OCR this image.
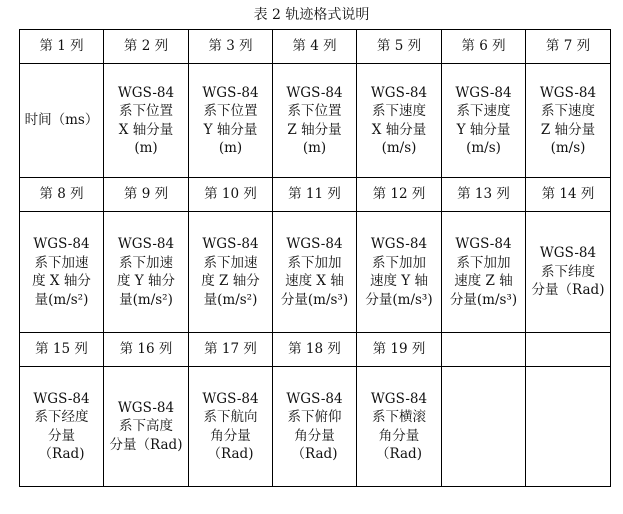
表 2 轨迹格式说明
第 1 列	第 2 列	第 3 列	第 4 列	第 5 列	第 6 列	第 7 列
时间（ms）	WGS-84
系下位置
X 轴分量
(m)	WGS-84
系下位置
Y 轴分量
(m)	WGS-84
系下位置
Z 轴分量
(m)	WGS-84
系下速度
X 轴分量
(m/s)	WGS-84
系下速度
Y 轴分量
(m/s)	WGS-84
系下速度
Z 轴分量
(m/s)
第 8 列	第 9 列	第 10 列	第 11 列	第 12 列	第 13 列	第 14 列
WGS-84
系下加速
度 X 轴分
量(m/s²)	WGS-84
系下加速
度 Y 轴分
量(m/s²)	WGS-84
系下加速
度 Z 轴分
量(m/s²)	WGS-84
系下加加
速度 X 轴
分量(m/s³)	WGS-84
系下加加
速度 Y 轴
分量(m/s³)	WGS-84
系下加加
速度 Z 轴
分量(m/s³)	WGS-84
系下纬度
分量（Rad)
第 15 列	第 16 列	第 17 列	第 18 列	第 19 列		
WGS-84
系下经度
分量
（Rad)	WGS-84
系下高度
分量（Rad)	WGS-84
系下航向
角分量
（Rad)	WGS-84
系下俯仰
角分量
（Rad)	WGS-84
系下横滚
角分量
（Rad)		
